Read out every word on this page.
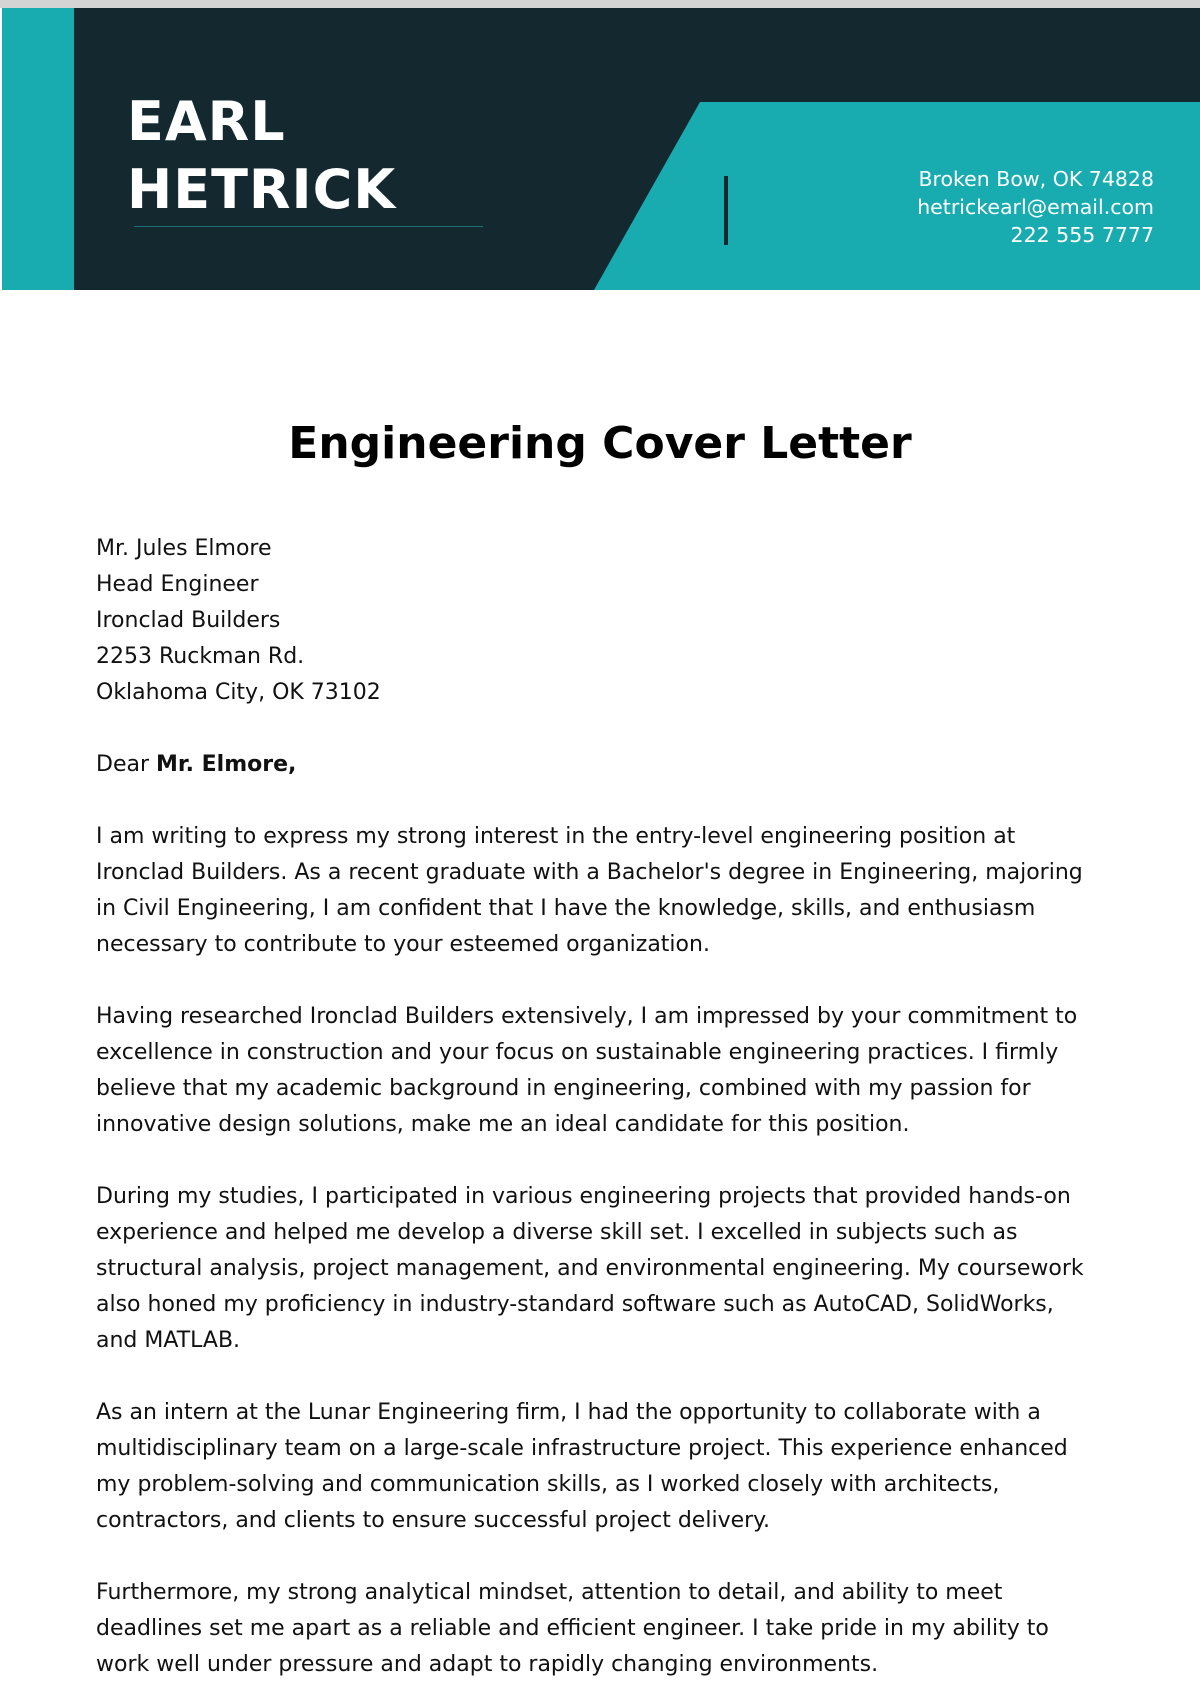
EARL
HETRICK	Broken Bow, OK 74828
hetrickearl@email.com
222 555 7777
Engineering Cover Letter
Mr. Jules Elmore
Head Engineer
Ironclad Builders
2253 Ruckman Rd.
Oklahoma City, OK 73102
Dear Mr. Elmore,

I am writing to express my strong interest in the entry-level engineering position at Ironclad Builders. As a recent graduate with a Bachelor's degree in Engineering, majoring in Civil Engineering, I am confident that I have the knowledge, skills, and enthusiasm necessary to contribute to your esteemed organization.

Having researched Ironclad Builders extensively, I am impressed by your commitment to excellence in construction and your focus on sustainable engineering practices. I firmly believe that my academic background in engineering, combined with my passion for innovative design solutions, make me an ideal candidate for this position.

During my studies, I participated in various engineering projects that provided hands-on experience and helped me develop a diverse skill set. I excelled in subjects such as structural analysis, project management, and environmental engineering. My coursework also honed my proficiency in industry-standard software such as AutoCAD, SolidWorks, and MATLAB.

As an intern at the Lunar Engineering firm, I had the opportunity to collaborate with a multidisciplinary team on a large-scale infrastructure project. This experience enhanced my problem-solving and communication skills, as I worked closely with architects, contractors, and clients to ensure successful project delivery.

Furthermore, my strong analytical mindset, attention to detail, and ability to meet deadlines set me apart as a reliable and efficient engineer. I take pride in my ability to work well under pressure and adapt to rapidly changing environments.
